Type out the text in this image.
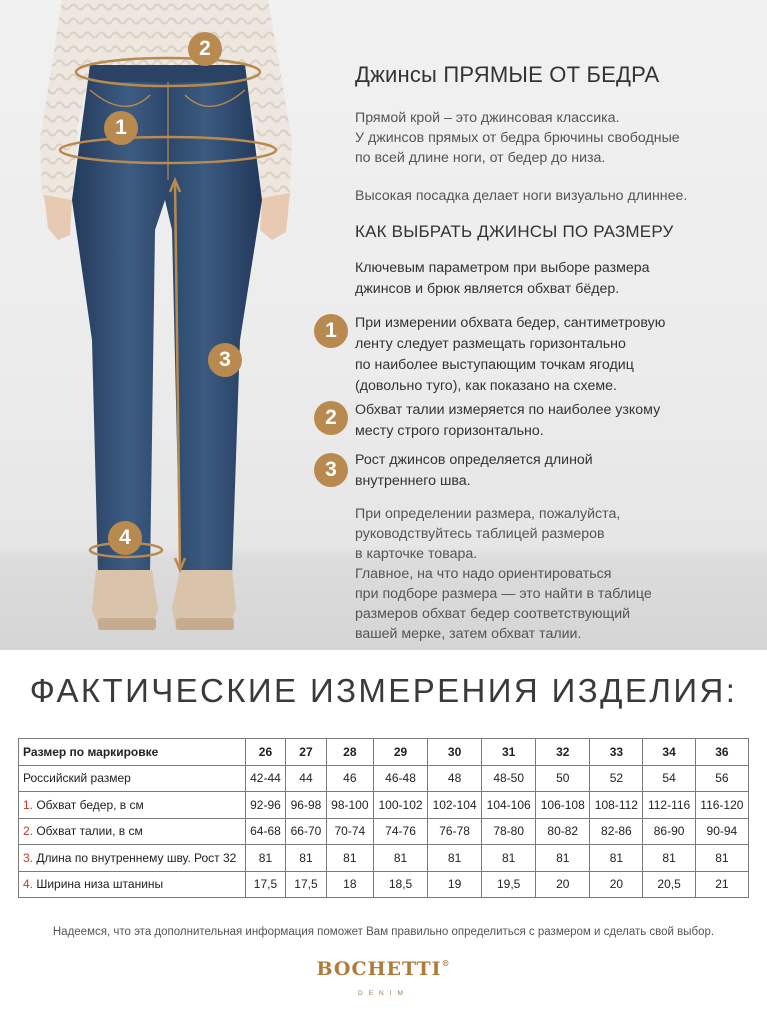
2
1
3
4
Джинсы ПРЯМЫЕ ОТ БЕДРА
Прямой крой – это джинсовая классика.
У джинсов прямых от бедра брючины свободные
по всей длине ноги, от бедер до низа.
Высокая посадка делает ноги визуально длиннее.
КАК ВЫБРАТЬ ДЖИНСЫ ПО РАЗМЕРУ
Ключевым параметром при выборе размера
джинсов и брюк является обхват бёдер.
1	При измерении обхвата бедер, сантиметровую
ленту следует размещать горизонтально
по наиболее выступающим точкам ягодиц
(довольно туго), как показано на схеме.
2	Обхват талии измеряется по наиболее узкому
месту строго горизонтально.
3	Рост джинсов определяется длиной
внутреннего шва.
При определении размера, пожалуйста,
руководствуйтесь таблицей размеров
в карточке товара.
Главное, на что надо ориентироваться
при подборе размера — это найти в таблице
размеров обхват бедер соответствующий
вашей мерке, затем обхват талии.
ФАКТИЧЕСКИЕ ИЗМЕРЕНИЯ ИЗДЕЛИЯ:
Размер по маркировке	26	27	28	29	30	31	32	33	34	36
Российский размер	42-44	44	46	46-48	48	48-50	50	52	54	56
1. Обхват бедер, в см	92-96	96-98	98-100	100-102	102-104	104-106	106-108	108-112	112-116	116-120
2. Обхват талии, в см	64-68	66-70	70-74	74-76	76-78	78-80	80-82	82-86	86-90	90-94
3. Длина по внутреннему шву. Рост 32	81	81	81	81	81	81	81	81	81	81
4. Ширина низа штанины	17,5	17,5	18	18,5	19	19,5	20	20	20,5	21
Надеемся, что эта дополнительная информация поможет Вам правильно определиться с размером и сделать свой выбор.
BOCHETTI®
DENIM
